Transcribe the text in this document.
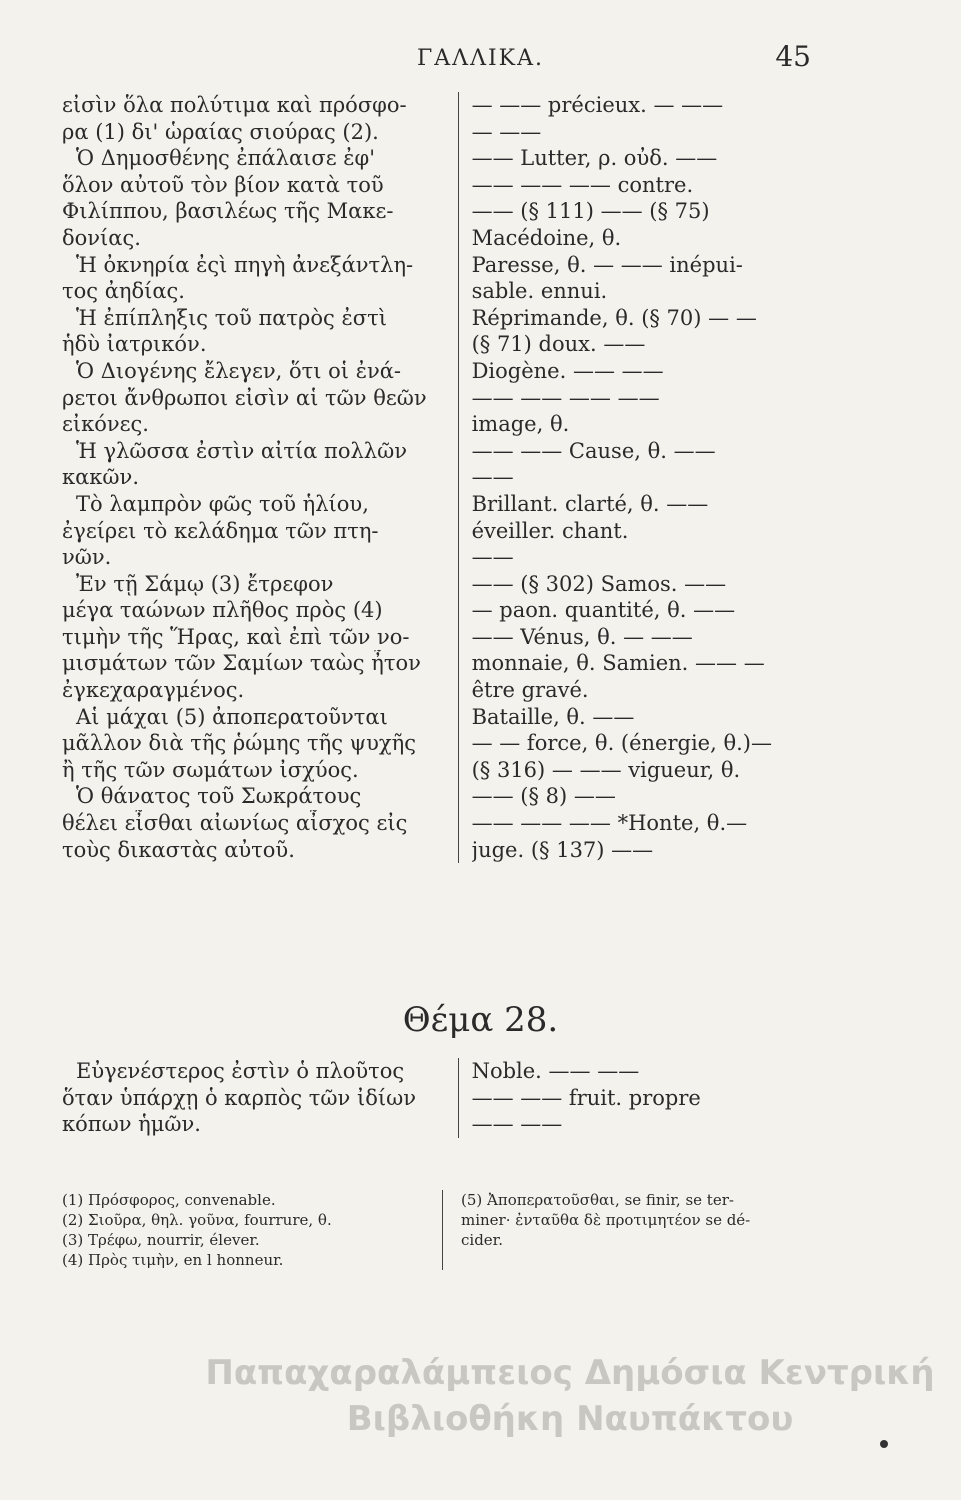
ΓΑΛΛΙΚΑ.	45
εἰσὶν ὅλα πολύτιμα καὶ πρόσφο-
ρα (1) δι' ὡραίας σιούρας (2).
Ὁ Δημοσθένης ἐπάλαισε ἐφ'
ὅλον αὐτοῦ τὸν βίον κατὰ τοῦ
Φιλίππου, βασιλέως τῆς Μακε-
δονίας.
Ἡ ὀκνηρία ἐςὶ πηγὴ ἀνεξάντλη-
τος ἀηδίας.
Ἡ ἐπίπληξις τοῦ πατρὸς ἐστὶ
ἡδὺ ἰατρικόν.
Ὁ Διογένης ἔλεγεν, ὅτι οἱ ἐνά-
ρετοι ἄνθρωποι εἰσὶν αἱ τῶν θεῶν
εἰκόνες.
Ἡ γλῶσσα ἐστὶν αἰτία πολλῶν
κακῶν.
Τὸ λαμπρὸν φῶς τοῦ ἡλίου,
ἐγείρει τὸ κελάδημα τῶν πτη-
νῶν.
Ἐν τῇ Σάμῳ (3) ἔτρεφον
μέγα ταώνων πλῆθος πρὸς (4)
τιμὴν τῆς Ἥρας, καὶ ἐπὶ τῶν νο-
μισμάτων τῶν Σαμίων ταὼς ἦτον
ἐγκεχαραγμένος.
Αἱ μάχαι (5) ἀποπερατοῦνται
μᾶλλον διὰ τῆς ῥώμης τῆς ψυχῆς
ἢ τῆς τῶν σωμάτων ἰσχύος.
Ὁ θάνατος τοῦ Σωκράτους
θέλει εἶσθαι αἰωνίως αἶσχος εἰς
τοὺς δικαστὰς αὐτοῦ.
— —— précieux. — ——
— ——
—— Lutter, ρ. οὐδ. ——
—— —— —— contre.
—— (§ 111) —— (§ 75)
Macédoine, θ.
Paresse, θ. — —— inépui-
sable. ennui.
Réprimande, θ. (§ 70) — —
(§ 71) doux. ——
Diogène. —— ——
—— —— —— ——
image, θ.
—— —— Cause, θ. ——
——
Brillant. clarté, θ. ——
éveiller. chant.
——
—— (§ 302) Samos. ——
— paon. quantité, θ. ——
—— Vénus, θ. — ——
monnaie, θ. Samien. —— —
être gravé.
Bataille, θ. ——
— — force, θ. (énergie, θ.)—
(§ 316) — —— vigueur, θ.
—— (§ 8) ——
—— —— —— *Honte, θ.—
juge. (§ 137) ——
Θέμα 28.
Εὐγενέστερος ἐστὶν ὁ πλοῦτος
ὅταν ὑπάρχῃ ὁ καρπὸς τῶν ἰδίων
κόπων ἡμῶν.
Noble. —— ——
—— —— fruit. propre
—— ——
(1) Πρόσφορος, convenable.
(2) Σιοῦρα, θηλ. γοῦνα, fourrure, θ.
(3) Τρέφω, nourrir, élever.
(4) Πρὸς τιμὴν, en l honneur.
(5) Ἀποπερατοῦσθαι, se finir, se ter-
miner· ἐνταῦθα δὲ προτιμητέον se dé-
cider.
Παπαχαραλάμπειος Δημόσια Κεντρική
Βιβλιοθήκη Ναυπάκτου
